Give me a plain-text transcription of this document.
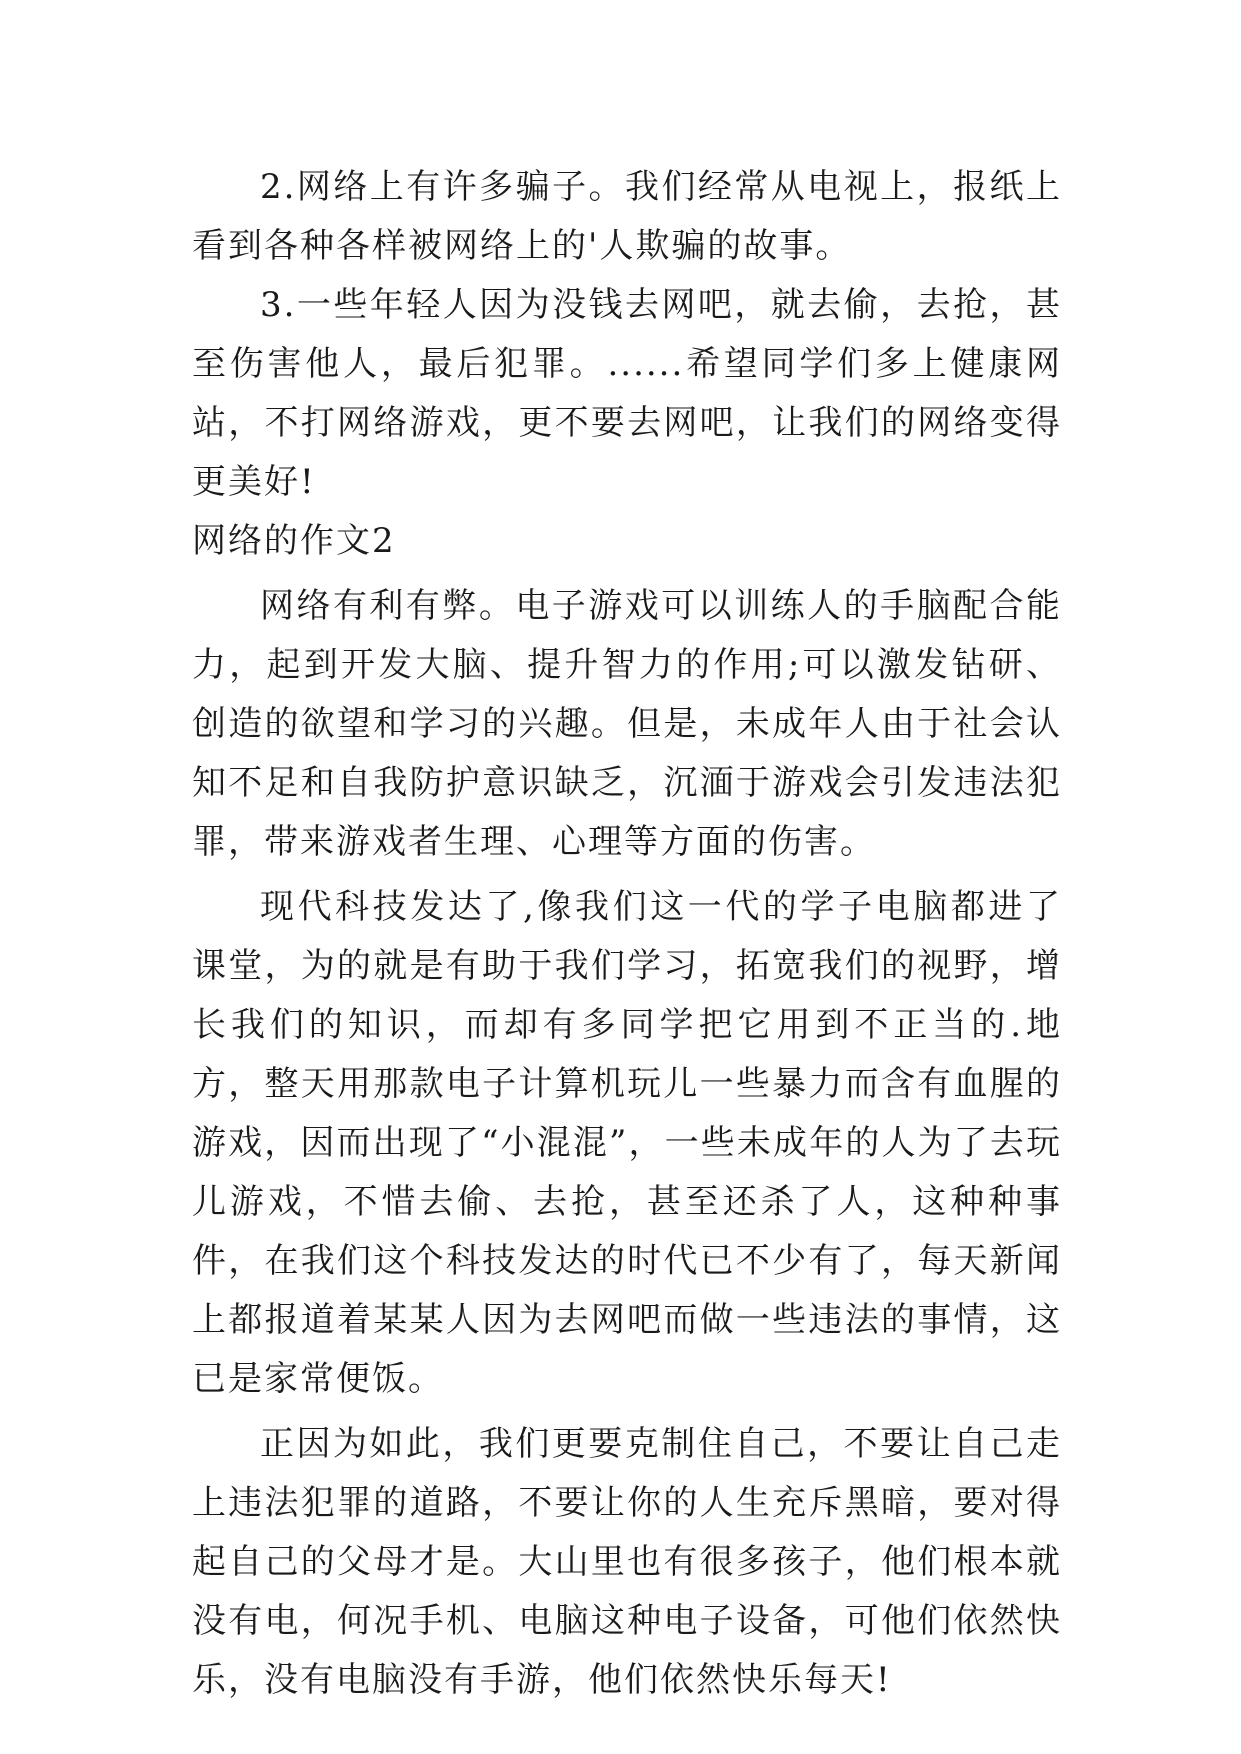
2.网络上有许多骗子。我们经常从电视上，报纸上看到各种各样被网络上的'人欺骗的故事。

3.一些年轻人因为没钱去网吧，就去偷，去抢，甚至伤害他人，最后犯罪。......希望同学们多上健康网站，不打网络游戏，更不要去网吧，让我们的网络变得更美好!

网络的作文2

网络有利有弊。电子游戏可以训练人的手脑配合能力，起到开发大脑、提升智力的作用;可以激发钻研、创造的欲望和学习的兴趣。但是，未成年人由于社会认知不足和自我防护意识缺乏，沉湎于游戏会引发违法犯罪，带来游戏者生理、心理等方面的伤害。

现代科技发达了,像我们这一代的学子电脑都进了课堂，为的就是有助于我们学习，拓宽我们的视野，增长我们的知识，而却有多同学把它用到不正当的.地方，整天用那款电子计算机玩儿一些暴力而含有血腥的游戏，因而出现了“小混混”，一些未成年的人为了去玩儿游戏，不惜去偷、去抢，甚至还杀了人，这种种事件，在我们这个科技发达的时代已不少有了，每天新闻上都报道着某某人因为去网吧而做一些违法的事情，这已是家常便饭。

正因为如此，我们更要克制住自己，不要让自己走上违法犯罪的道路，不要让你的人生充斥黑暗，要对得起自己的父母才是。大山里也有很多孩子，他们根本就没有电，何况手机、电脑这种电子设备，可他们依然快乐，没有电脑没有手游，他们依然快乐每天!
